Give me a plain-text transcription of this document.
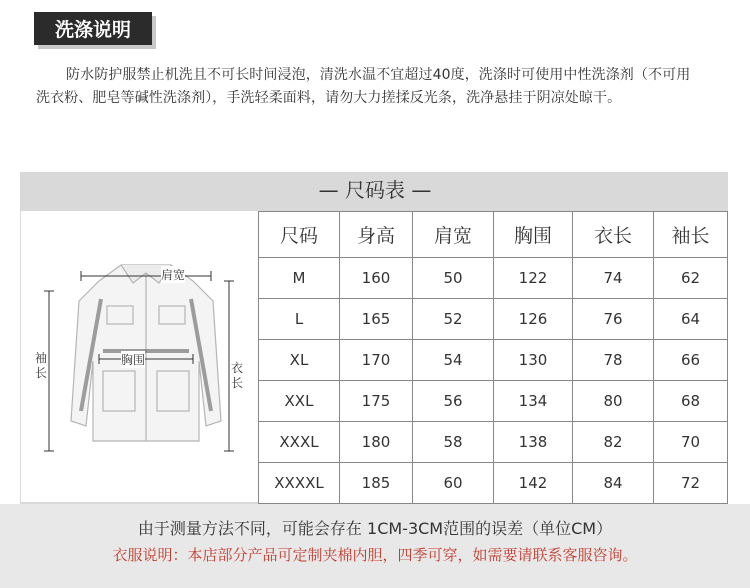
洗涤说明
防水防护服禁止机洗且不可长时间浸泡，清洗水温不宜超过40度，洗涤时可使用中性洗涤剂（不可用洗衣粉、肥皂等碱性洗涤剂），手洗轻柔面料，请勿大力搓揉反光条，洗净悬挂于阴凉处晾干。
— 尺码表 —
肩宽
胸围
袖长	衣长
尺码	身高	肩宽	胸围	衣长	袖长
M	160	50	122	74	62
L	165	52	126	76	64
XL	170	54	130	78	66
XXL	175	56	134	80	68
XXXL	180	58	138	82	70
XXXXL	185	60	142	84	72
由于测量方法不同，可能会存在 1CM-3CM范围的误差（单位CM）
衣服说明：本店部分产品可定制夹棉内胆，四季可穿，如需要请联系客服咨询。
